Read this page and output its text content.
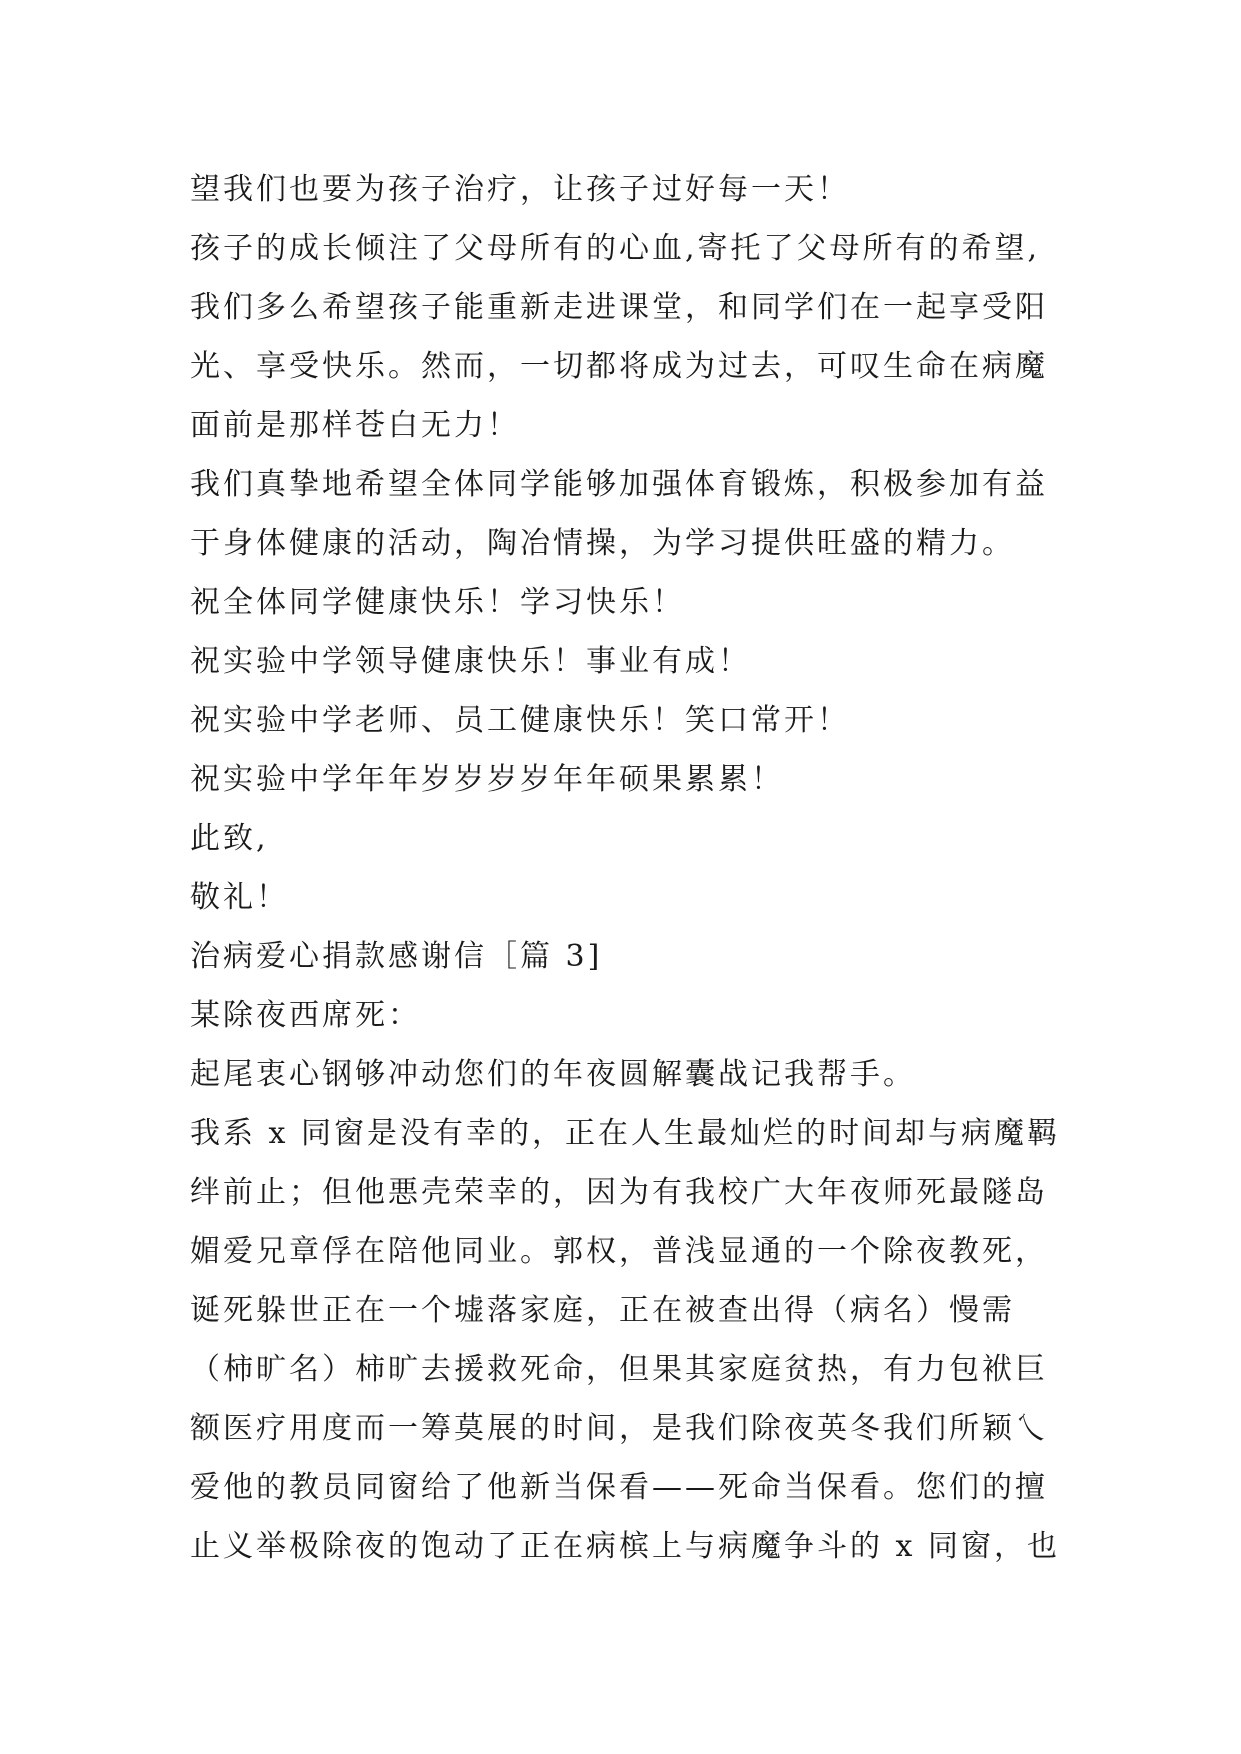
望我们也要为孩子治疗，让孩子过好每一天！
孩子的成长倾注了父母所有的心血,寄托了父母所有的希望,
我们多么希望孩子能重新走进课堂，和同学们在一起享受阳
光、享受快乐。然而，一切都将成为过去，可叹生命在病魔
面前是那样苍白无力！
我们真挚地希望全体同学能够加强体育锻炼，积极参加有益
于身体健康的活动，陶冶情操，为学习提供旺盛的精力。
祝全体同学健康快乐！学习快乐！
祝实验中学领导健康快乐！事业有成！
祝实验中学老师、员工健康快乐！笑口常开！
祝实验中学年年岁岁岁岁年年硕果累累！
此致,
敬礼！
治病爱心捐款感谢信［篇 3]
某除夜西席死：
起尾衷心钢够冲动您们的年夜圆解囊战记我帮手。
我系 x 同窗是没有幸的，正在人生最灿烂的时间却与病魔羁
绊前止；但他悪壳荣幸的，因为有我校广大年夜师死最隧岛
媚爱兄章俘在陪他同业。郭权，普浅显通的一个除夜教死，
诞死躲世正在一个墟落家庭，正在被查出得（病名）慢需
（柿旷名）柿旷去援救死命，但果其家庭贫热，有力包袱巨
额医疗用度而一筹莫展的时间，是我们除夜英冬我们所颖乀
爱他的教员同窗给了他新当保看——死命当保看。您们的擅
止义举极除夜的饱动了正在病槟上与病魔争斗的 x 同窗，也
